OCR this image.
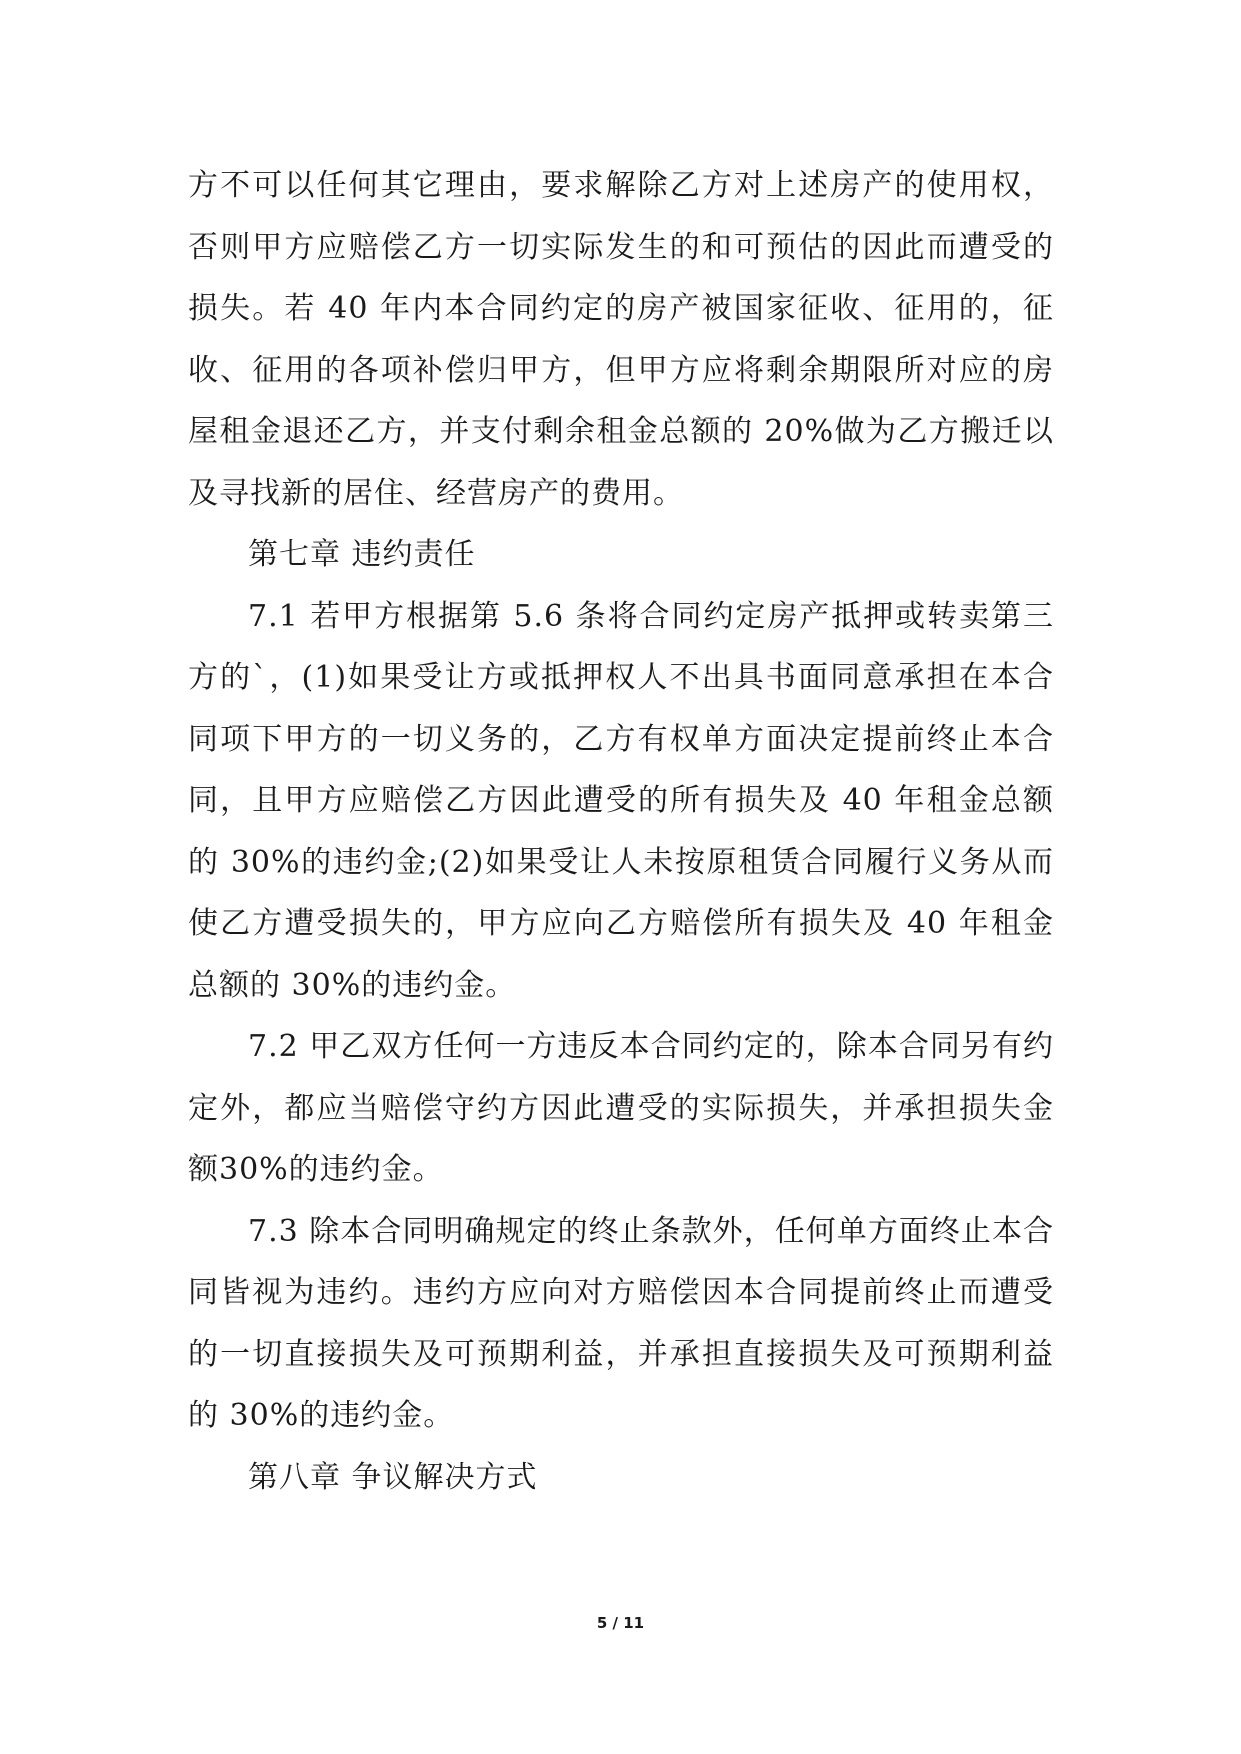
方不可以任何其它理由，要求解除乙方对上述房产的使用权，否则甲方应赔偿乙方一切实际发生的和可预估的因此而遭受的损失。若 40 年内本合同约定的房产被国家征收、征用的，征收、征用的各项补偿归甲方，但甲方应将剩余期限所对应的房屋租金退还乙方，并支付剩余租金总额的 20%做为乙方搬迁以及寻找新的居住、经营房产的费用。

第七章 违约责任

7.1 若甲方根据第 5.6 条将合同约定房产抵押或转卖第三方的`，(1)如果受让方或抵押权人不出具书面同意承担在本合同项下甲方的一切义务的，乙方有权单方面决定提前终止本合同，且甲方应赔偿乙方因此遭受的所有损失及 40 年租金总额的 30%的违约金;(2)如果受让人未按原租赁合同履行义务从而使乙方遭受损失的，甲方应向乙方赔偿所有损失及 40 年租金总额的 30%的违约金。

7.2 甲乙双方任何一方违反本合同约定的，除本合同另有约定外，都应当赔偿守约方因此遭受的实际损失，并承担损失金额30%的违约金。

7.3 除本合同明确规定的终止条款外，任何单方面终止本合同皆视为违约。违约方应向对方赔偿因本合同提前终止而遭受的一切直接损失及可预期利益，并承担直接损失及可预期利益的 30%的违约金。

第八章 争议解决方式

5 / 11
